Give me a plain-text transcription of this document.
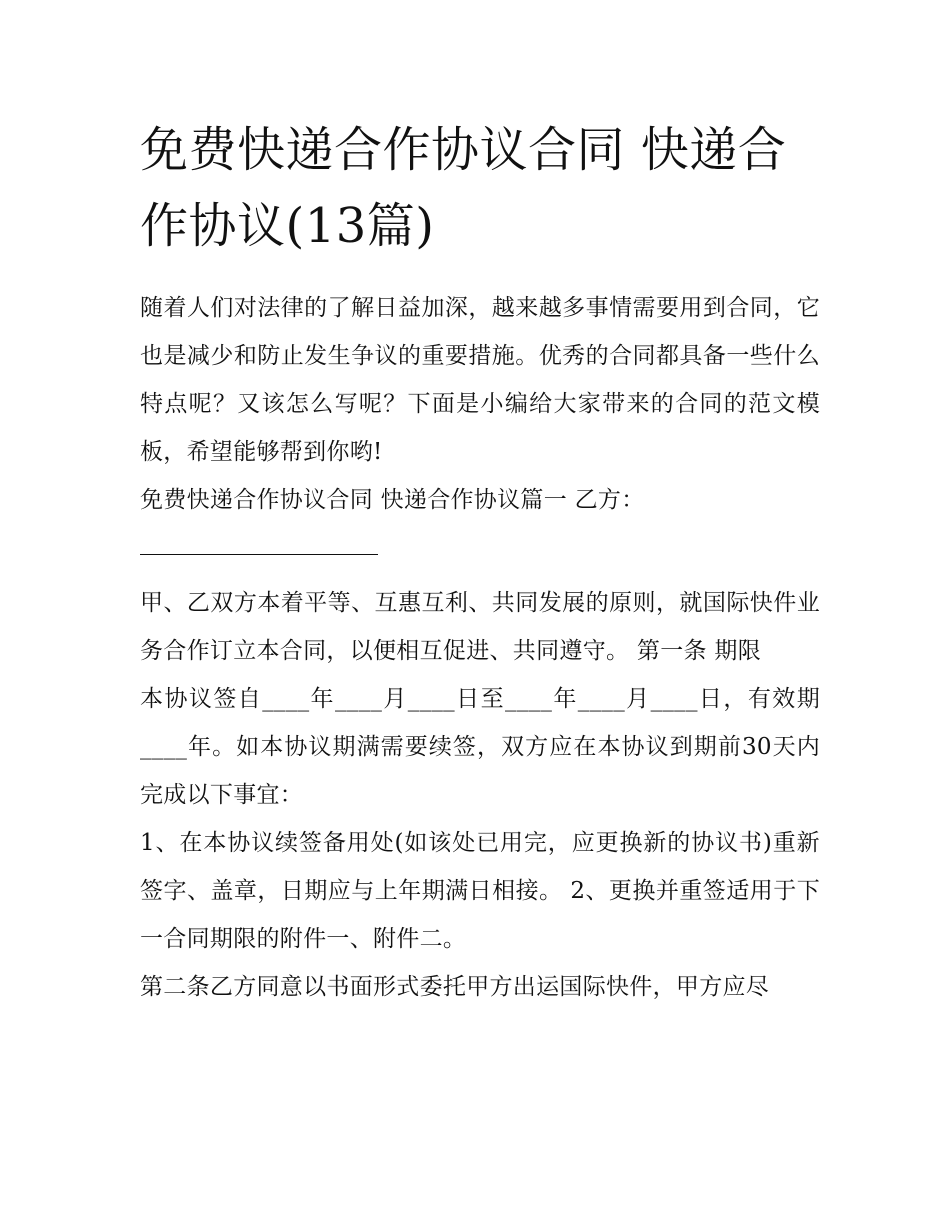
免费快递合作协议合同 快递合作协议(13篇)

随着人们对法律的了解日益加深，越来越多事情需要用到合同，它也是减少和防止发生争议的重要措施。优秀的合同都具备一些什么特点呢？又该怎么写呢？下面是小编给大家带来的合同的范文模板，希望能够帮到你哟!

免费快递合作协议合同 快递合作协议篇一 乙方：

甲、乙双方本着平等、互惠互利、共同发展的原则，就国际快件业务合作订立本合同，以便相互促进、共同遵守。 第一条 期限

本协议签自____年____月____日至____年____月____日，有效期____年。如本协议期满需要续签，双方应在本协议到期前30天内完成以下事宜：

1、在本协议续签备用处(如该处已用完，应更换新的协议书)重新签字、盖章，日期应与上年期满日相接。 2、更换并重签适用于下一合同期限的附件一、附件二。

第二条乙方同意以书面形式委托甲方出运国际快件，甲方应尽
